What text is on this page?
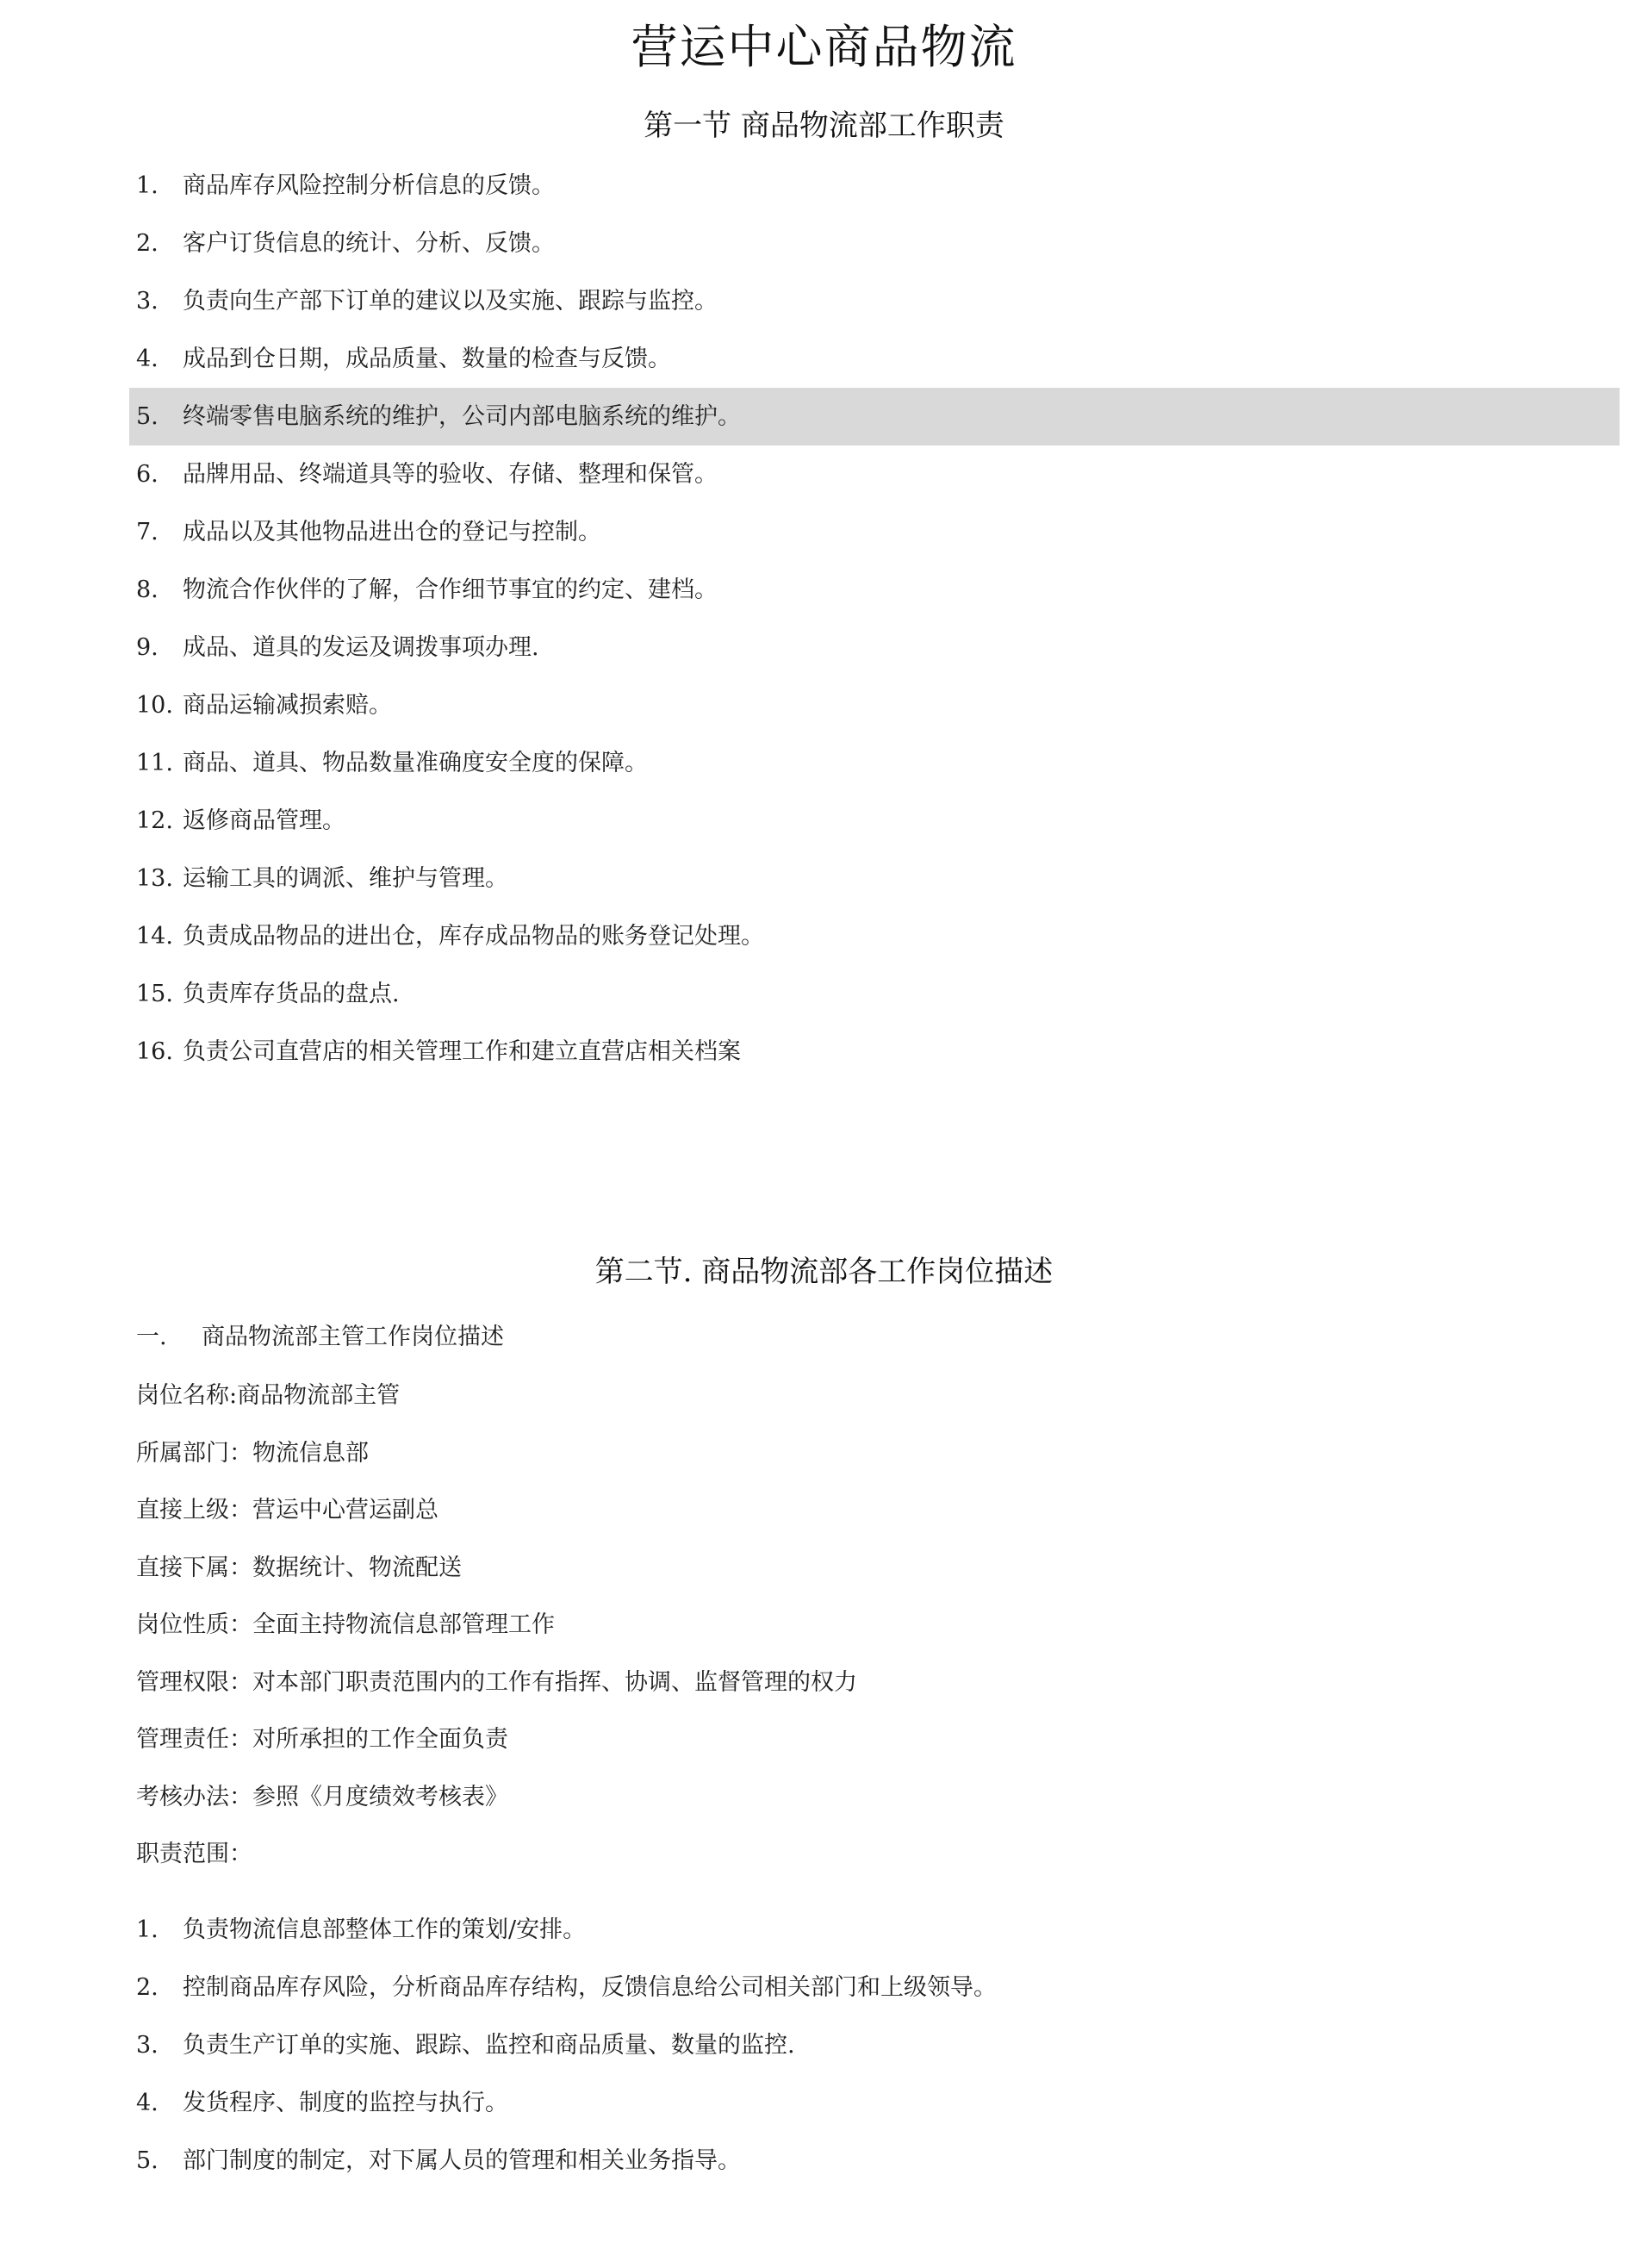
营运中心商品物流
第一节 商品物流部工作职责
1. 商品库存风险控制分析信息的反馈。
2. 客户订货信息的统计、分析、反馈。
3. 负责向生产部下订单的建议以及实施、跟踪与监控。
4. 成品到仓日期，成品质量、数量的检查与反馈。
5. 终端零售电脑系统的维护，公司内部电脑系统的维护。
6. 品牌用品、终端道具等的验收、存储、整理和保管。
7. 成品以及其他物品进出仓的登记与控制。
8. 物流合作伙伴的了解，合作细节事宜的约定、建档。
9. 成品、道具的发运及调拨事项办理.
10. 商品运输减损索赔。
11. 商品、道具、物品数量准确度安全度的保障。
12. 返修商品管理。
13. 运输工具的调派、维护与管理。
14. 负责成品物品的进出仓，库存成品物品的账务登记处理。
15. 负责库存货品的盘点.
16. 负责公司直营店的相关管理工作和建立直营店相关档案
第二节. 商品物流部各工作岗位描述
一. 商品物流部主管工作岗位描述
岗位名称:商品物流部主管
所属部门：物流信息部
直接上级：营运中心营运副总
直接下属：数据统计、物流配送
岗位性质：全面主持物流信息部管理工作
管理权限：对本部门职责范围内的工作有指挥、协调、监督管理的权力
管理责任：对所承担的工作全面负责
考核办法：参照《月度绩效考核表》
职责范围：
1. 负责物流信息部整体工作的策划/安排。
2. 控制商品库存风险，分析商品库存结构，反馈信息给公司相关部门和上级领导。
3. 负责生产订单的实施、跟踪、监控和商品质量、数量的监控.
4. 发货程序、制度的监控与执行。
5. 部门制度的制定，对下属人员的管理和相关业务指导。
